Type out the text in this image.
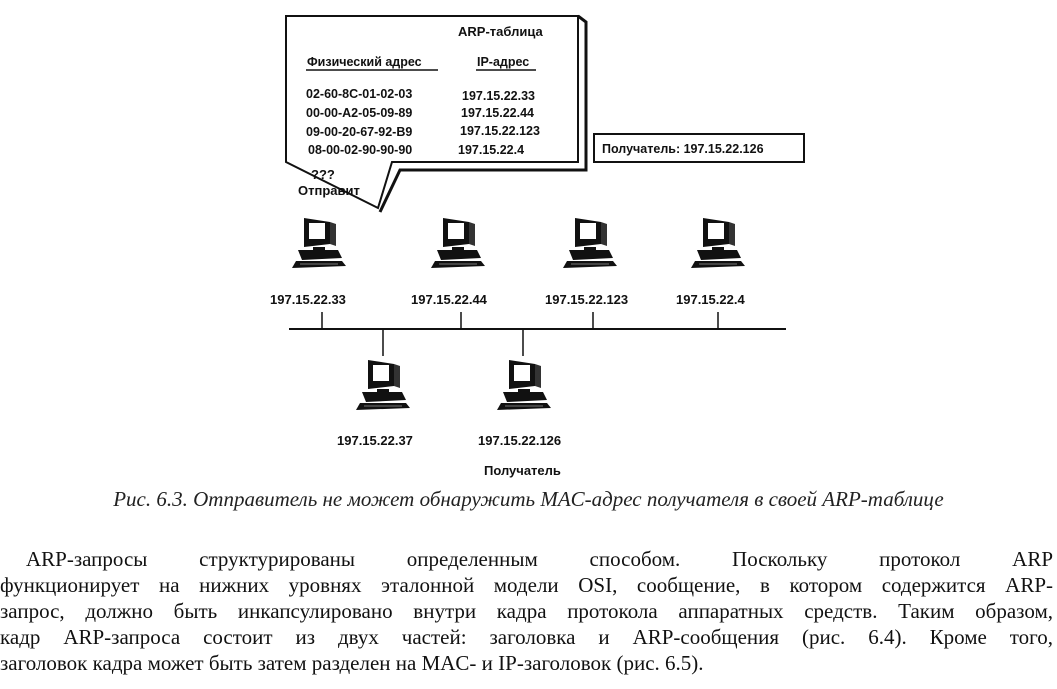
ARP-таблица
Физический адрес	IP-адрес
02-60-8C-01-02-03	197.15.22.33
00-00-A2-05-09-89	197.15.22.44
09-00-20-67-92-B9	197.15.22.123
08-00-02-90-90-90	197.15.22.4
???
Отправит
Получатель: 197.15.22.126
197.15.22.33	197.15.22.44	197.15.22.123	197.15.22.4
197.15.22.37	197.15.22.126
Получатель
Рис. 6.3. Отправитель не может обнаружить MAC-адрес получателя в своей ARP-таблице
ARP-запросы структурированы определенным способом. Поскольку протокол ARP
функционирует на нижних уровнях эталонной модели OSI, сообщение, в котором содержится ARP-
запрос, должно быть инкапсулировано внутри кадра протокола аппаратных средств. Таким образом,
кадр ARP-запроса состоит из двух частей: заголовка и ARP-сообщения (рис. 6.4). Кроме того,
заголовок кадра может быть затем разделен на MAC- и IP-заголовок (рис. 6.5).
